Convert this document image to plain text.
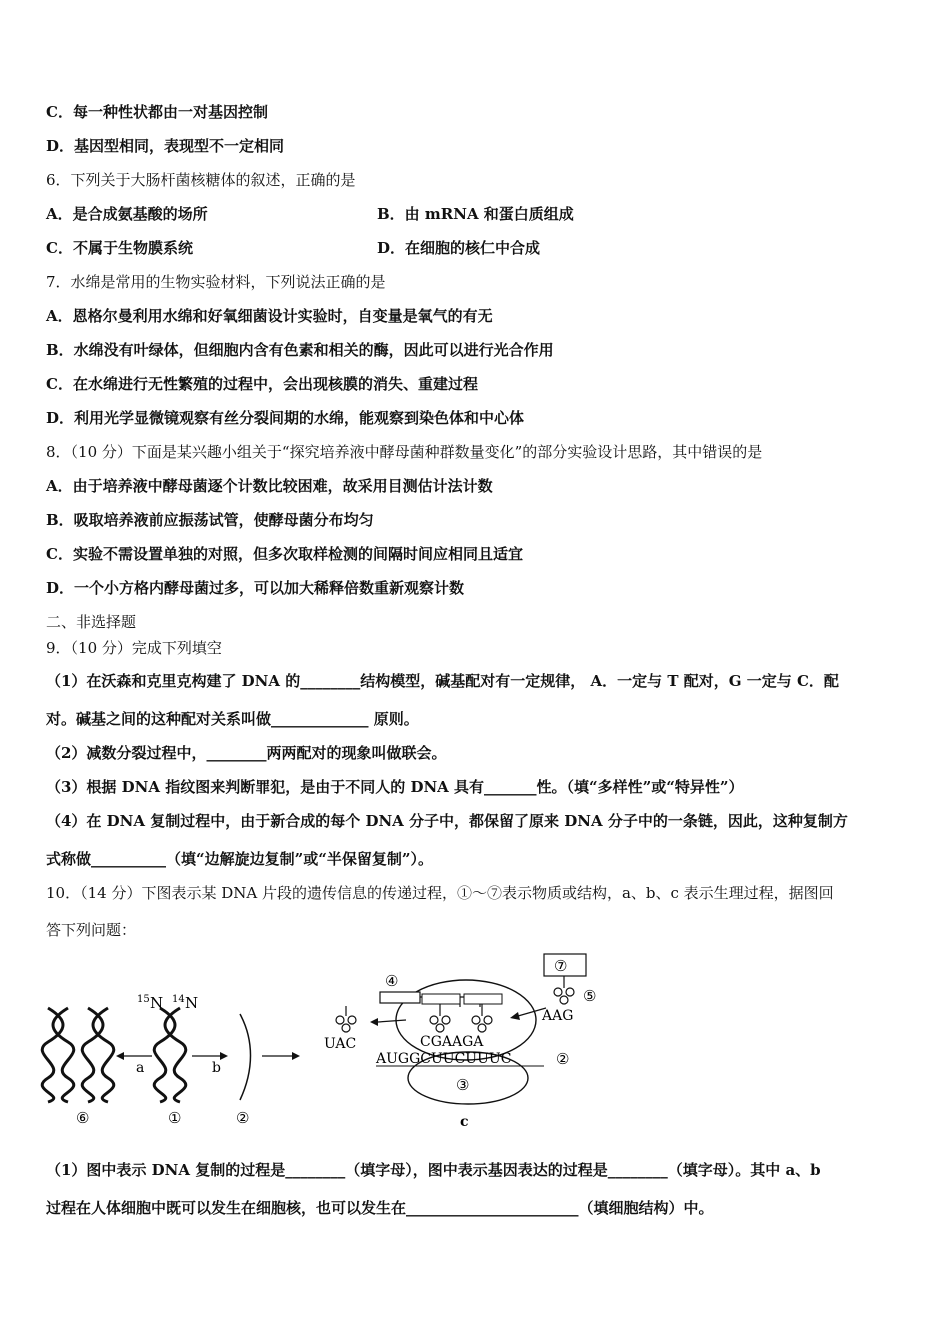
C．每一种性状都由一对基因控制
D．基因型相同，表现型不一定相同
6．下列关于大肠杆菌核糖体的叙述，正确的是
A．是合成氨基酸的场所	B．由 mRNA 和蛋白质组成
C．不属于生物膜系统	D．在细胞的核仁中合成
7．水绵是常用的生物实验材料，下列说法正确的是
A．恩格尔曼利用水绵和好氧细菌设计实验时，自变量是氧气的有无
B．水绵没有叶绿体，但细胞内含有色素和相关的酶，因此可以进行光合作用
C．在水绵进行无性繁殖的过程中，会出现核膜的消失、重建过程
D．利用光学显微镜观察有丝分裂间期的水绵，能观察到染色体和中心体
8．（10 分）下面是某兴趣小组关于“探究培养液中酵母菌种群数量变化”的部分实验设计思路，其中错误的是
A．由于培养液中酵母菌逐个计数比较困难，故采用目测估计法计数
B．吸取培养液前应振荡试管，使酵母菌分布均匀
C．实验不需设置单独的对照，但多次取样检测的间隔时间应相同且适宜
D．一个小方格内酵母菌过多，可以加大稀释倍数重新观察计数
二、非选择题
9．（10 分）完成下列填空
（1）在沃森和克里克构建了 DNA 的________结构模型，碱基配对有一定规律， A．一定与 T 配对，G 一定与 C．配
对。碱基之间的这种配对关系叫做_____________ 原则。
（2）减数分裂过程中，________两两配对的现象叫做联会。
（3）根据 DNA 指纹图来判断罪犯，是由于不同人的 DNA 具有_______性。（填“多样性”或“特异性”）
（4）在 DNA 复制过程中，由于新合成的每个 DNA 分子中，都保留了原来 DNA 分子中的一条链，因此，这种复制方
式称做__________（填“边解旋边复制”或“半保留复制”）。
10．（14 分）下图表示某 DNA 片段的遗传信息的传递过程，①～⑦表示物质或结构，a、b、c 表示生理过程，据图回
答下列问题：
15 N 14 N
a	b
⑥	①	②
④
UAC
⑦
⑤
AAG
CGAAGA
AUGGCUUCUUUC	②
③
c
（1）图中表示 DNA 复制的过程是________（填字母），图中表示基因表达的过程是________（填字母）。其中 a、b
过程在人体细胞中既可以发生在细胞核，也可以发生在_______________________（填细胞结构）中。
